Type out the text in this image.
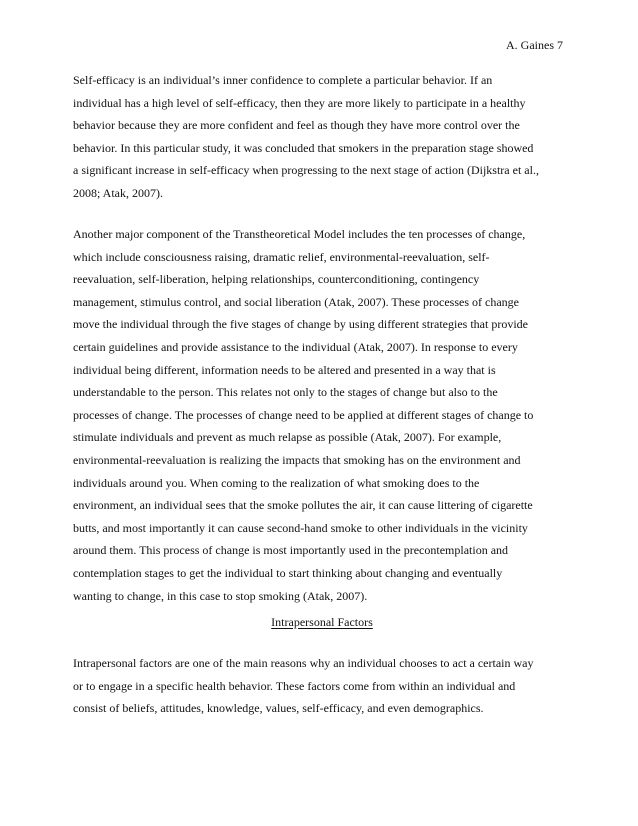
A. Gaines 7
Self-efficacy is an individual’s inner confidence to complete a particular behavior. If an
individual has a high level of self-efficacy, then they are more likely to participate in a healthy
behavior because they are more confident and feel as though they have more control over the
behavior. In this particular study, it was concluded that smokers in the preparation stage showed
a significant increase in self-efficacy when progressing to the next stage of action (Dijkstra et al.,
2008; Atak, 2007).
Another major component of the Transtheoretical Model includes the ten processes of change,
which include consciousness raising, dramatic relief, environmental-reevaluation, self-
reevaluation, self-liberation, helping relationships, counterconditioning, contingency
management, stimulus control, and social liberation (Atak, 2007). These processes of change
move the individual through the five stages of change by using different strategies that provide
certain guidelines and provide assistance to the individual (Atak, 2007). In response to every
individual being different, information needs to be altered and presented in a way that is
understandable to the person. This relates not only to the stages of change but also to the
processes of change. The processes of change need to be applied at different stages of change to
stimulate individuals and prevent as much relapse as possible (Atak, 2007). For example,
environmental-reevaluation is realizing the impacts that smoking has on the environment and
individuals around you. When coming to the realization of what smoking does to the
environment, an individual sees that the smoke pollutes the air, it can cause littering of cigarette
butts, and most importantly it can cause second-hand smoke to other individuals in the vicinity
around them. This process of change is most importantly used in the precontemplation and
contemplation stages to get the individual to start thinking about changing and eventually
wanting to change, in this case to stop smoking (Atak, 2007).
Intrapersonal Factors
Intrapersonal factors are one of the main reasons why an individual chooses to act a certain way
or to engage in a specific health behavior. These factors come from within an individual and
consist of beliefs, attitudes, knowledge, values, self-efficacy, and even demographics.
